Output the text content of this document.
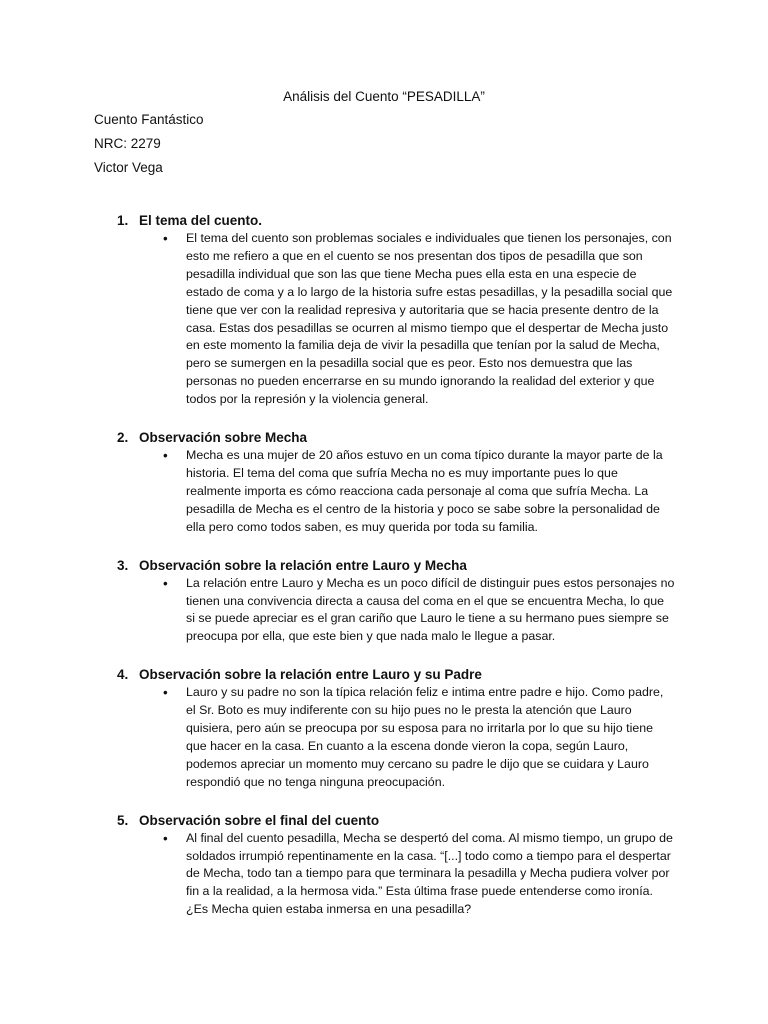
Análisis del Cuento “PESADILLA”
Cuento Fantástico
NRC: 2279
Victor Vega
1. El tema del cuento.
• El tema del cuento son problemas sociales e individuales que tienen los personajes, con esto me refiero a que en el cuento se nos presentan dos tipos de pesadilla que son pesadilla individual que son las que tiene Mecha pues ella esta en una especie de estado de coma y a lo largo de la historia sufre estas pesadillas, y la pesadilla social que tiene que ver con la realidad represiva y autoritaria que se hacia presente dentro de la casa. Estas dos pesadillas se ocurren al mismo tiempo que el despertar de Mecha justo en este momento la familia deja de vivir la pesadilla que tenían por la salud de Mecha, pero se sumergen en la pesadilla social que es peor. Esto nos demuestra que las personas no pueden encerrarse en su mundo ignorando la realidad del exterior y que todos por la represión y la violencia general.
2. Observación sobre Mecha
• Mecha es una mujer de 20 años estuvo en un coma típico durante la mayor parte de la historia. El tema del coma que sufría Mecha no es muy importante pues lo que realmente importa es cómo reacciona cada personaje al coma que sufría Mecha. La pesadilla de Mecha es el centro de la historia y poco se sabe sobre la personalidad de ella pero como todos saben, es muy querida por toda su familia.
3. Observación sobre la relación entre Lauro y Mecha
• La relación entre Lauro y Mecha es un poco difícil de distinguir pues estos personajes no tienen una convivencia directa a causa del coma en el que se encuentra Mecha, lo que si se puede apreciar es el gran cariño que Lauro le tiene a su hermano pues siempre se preocupa por ella, que este bien y que nada malo le llegue a pasar.
4. Observación sobre la relación entre Lauro y su Padre
• Lauro y su padre no son la típica relación feliz e intima entre padre e hijo. Como padre, el Sr. Boto es muy indiferente con su hijo pues no le presta la atención que Lauro quisiera, pero aún se preocupa por su esposa para no irritarla por lo que su hijo tiene que hacer en la casa. En cuanto a la escena donde vieron la copa, según Lauro, podemos apreciar un momento muy cercano su padre le dijo que se cuidara y Lauro respondió que no tenga ninguna preocupación.
5. Observación sobre el final del cuento
• Al final del cuento pesadilla, Mecha se despertó del coma. Al mismo tiempo, un grupo de soldados irrumpió repentinamente en la casa. “[...] todo como a tiempo para el despertar de Mecha, todo tan a tiempo para que terminara la pesadilla y Mecha pudiera volver por fin a la realidad, a la hermosa vida.” Esta última frase puede entenderse como ironía. ¿Es Mecha quien estaba inmersa en una pesadilla?
